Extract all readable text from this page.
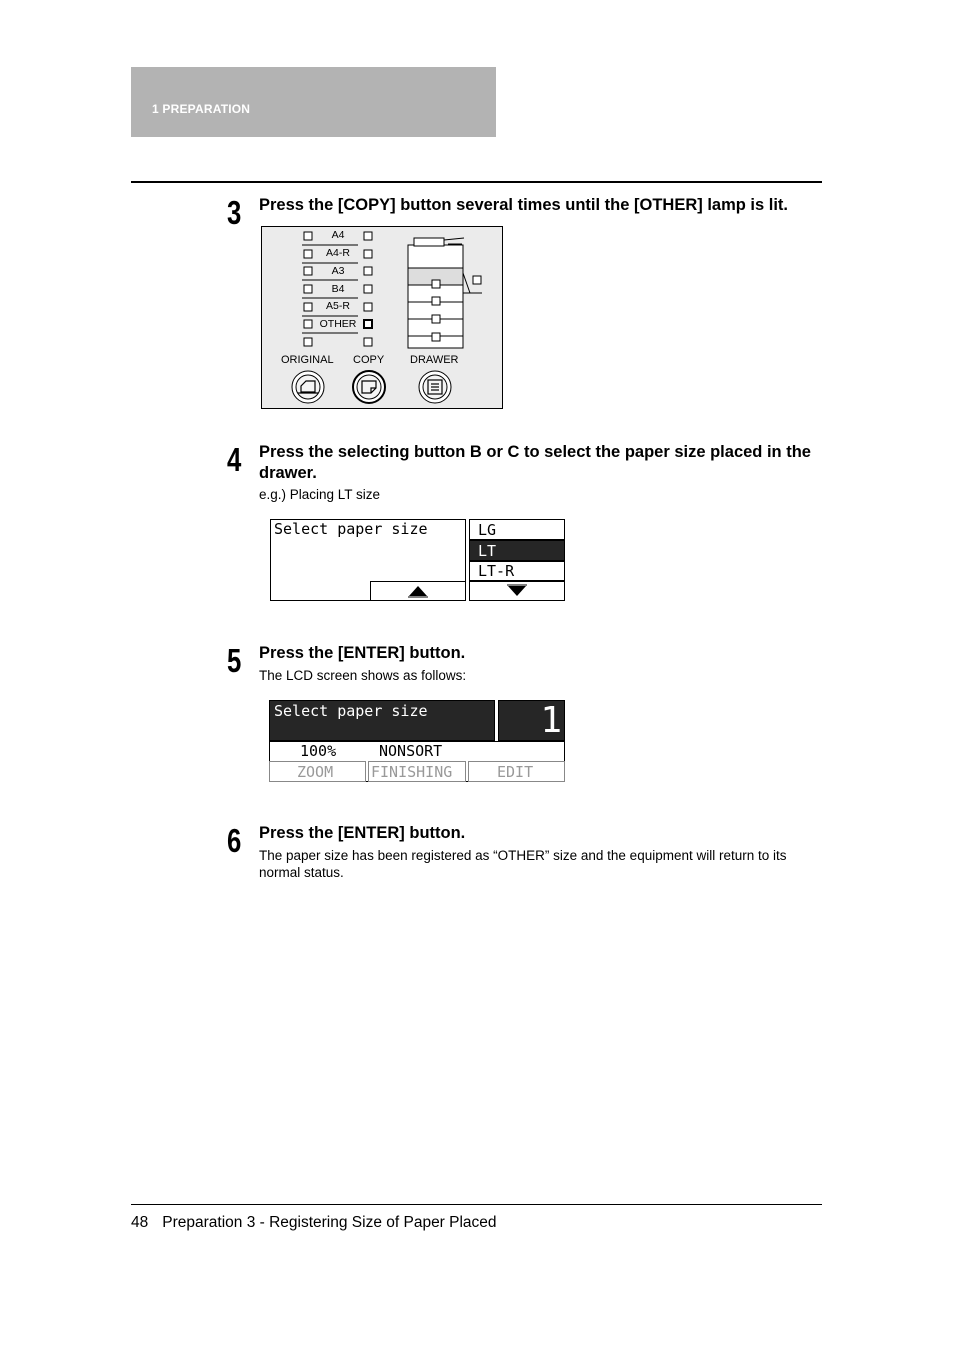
1 PREPARATION
3 Press the [COPY] button several times until the [OTHER] lamp is lit.
A4
A4-R
A3
B4
A5-R
OTHER
ORIGINAL COPY DRAWER
4 Press the selecting button B or C to select the paper size placed in the drawer.
e.g.) Placing LT size
Select paper size	LG
LT
LT-R
5 Press the [ENTER] button.
The LCD screen shows as follows:
Select paper size	1
100%	NONSORT
ZOOM	FINISHING	EDIT
6 Press the [ENTER] button.
The paper size has been registered as “OTHER” size and the equipment will return to its normal status.
48 Preparation 3 - Registering Size of Paper Placed
